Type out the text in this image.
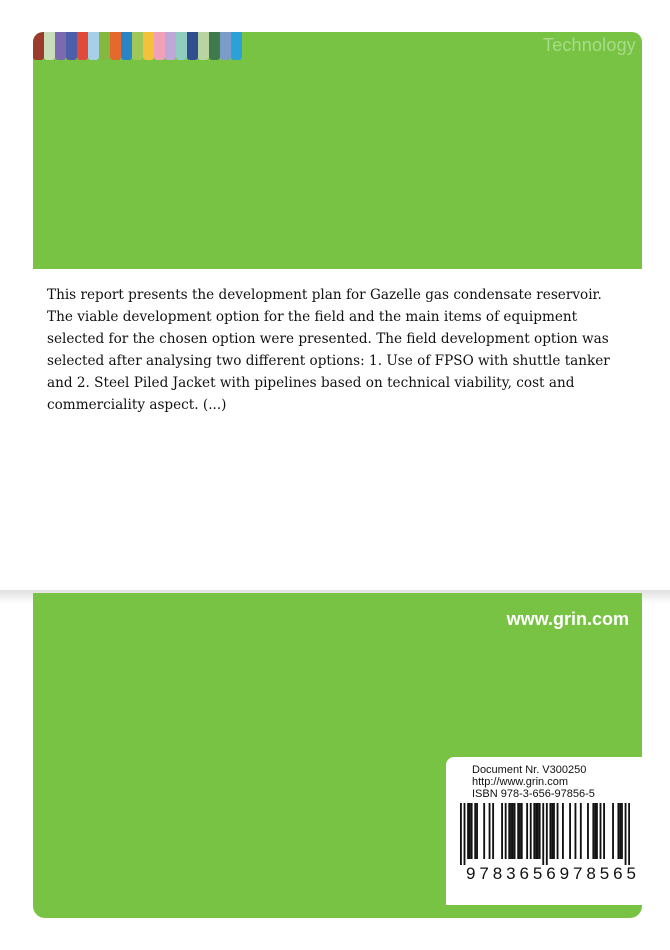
Technology

This report presents the development plan for Gazelle gas condensate reservoir. The viable development option for the field and the main items of equipment selected for the chosen option were presented. The field development option was selected after analysing two different options: 1. Use of FPSO with shuttle tanker and 2. Steel Piled Jacket with pipelines based on technical viability, cost and commerciality aspect. (...)

www.grin.com
Document Nr. V300250
http://www.grin.com
ISBN 978-3-656-97856-5
9 7 8 3 6 5 6 9 7 8 5 6 5
